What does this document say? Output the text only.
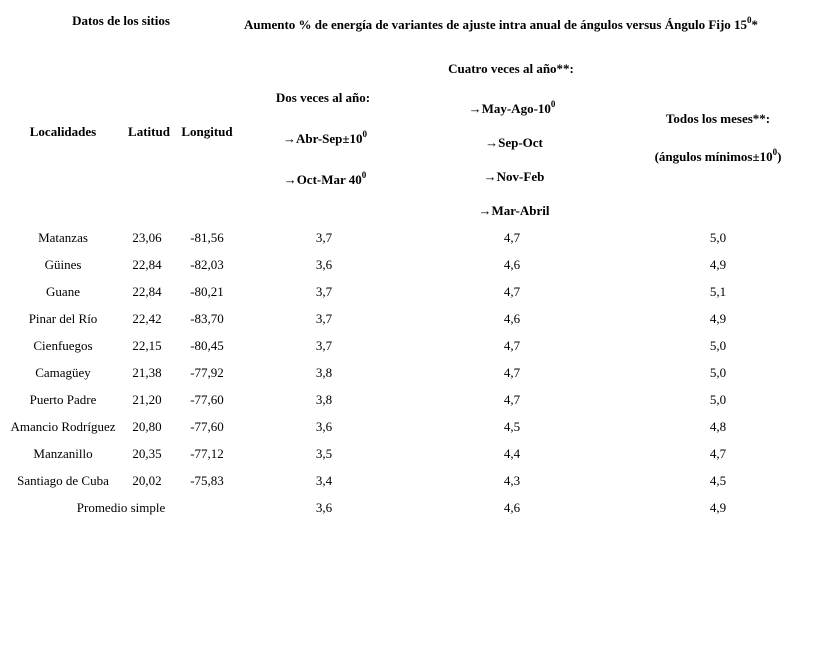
Datos de los sitios	Aumento % de energía de variantes de ajuste intra anual de ángulos versus Ángulo Fijo $15^0*$
Localidades Latitud Longitud
Dos veces al año:
$\to Abr-Sep\pm 10^0$
→Oct-Mar $40^0$
Cuatro veces al año**:
$\to May-Ago-10^0$
→Sep-Oct
→Nov-Feb
→Mar-Abril
Todos los meses**:
(ángulos $mínimos\pm 10^0$)
Matanzas	23,06 -81,56	3,7	4,7	5,0
Güines	22,84 -82,03	3,6	4,6	4,9
Guane	22,84 -80,21	3,7	4,7	5,1
Pinar del Río	22,42 -83,70	3,7	4,6	4,9
Cienfuegos	22,15 -80,45	3,7	4,7	5,0
Camagüey	21,38 -77,92	3,8	4,7	5,0
Puerto Padre	21,20 -77,60	3,8	4,7	5,0
Amancio Rodríguez 20,80 -77,60	3,6	4,5	4,8
Manzanillo	20,35 -77,12	3,5	4,4	4,7
Santiago de Cuba 20,02 -75,83	3,4	4,3	4,5
Promedio simple	3,6	4,6	4,9
